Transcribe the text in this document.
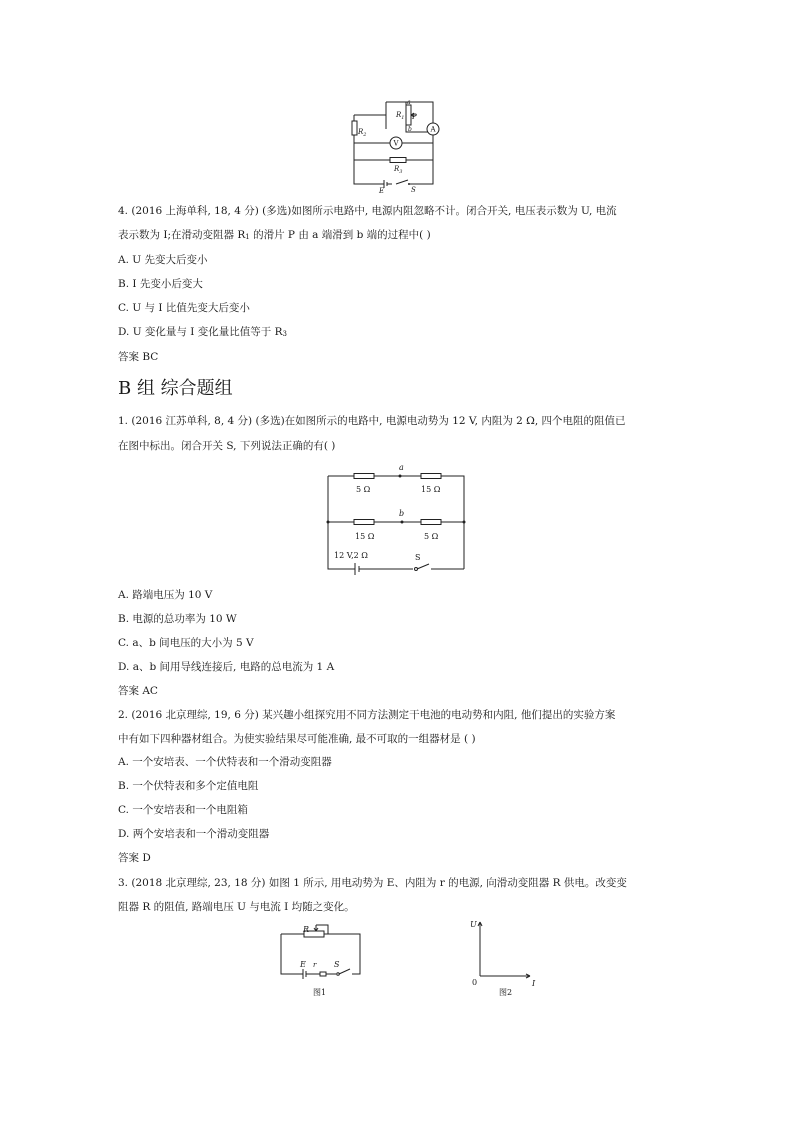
a
b
P
$R_1$
$R_2$
A
V
$R_3$
E	S
4. (2016 上海单科, 18, 4 分) (多选)如图所示电路中, 电源内阻忽略不计。闭合开关, 电压表示数为 U, 电流
表示数为 I;在滑动变阻器 $R_1$ 的滑片 P 由 a 端滑到 b 端的过程中( )
A. U 先变大后变小
B. I 先变小后变大
C. U 与 I 比值先变大后变小
D. U 变化量与 I 变化量比值等于 $R_3$
答案 BC
B 组 综合题组
1. (2016 江苏单科, 8, 4 分) (多选)在如图所示的电路中, 电源电动势为 12 V, 内阻为 2 Ω, 四个电阻的阻值已
在图中标出。闭合开关 S, 下列说法正确的有( )
a
b
5 Ω	15 Ω
15 Ω	5 Ω
12 V,2 Ω	S
A. 路端电压为 10 V
B. 电源的总功率为 10 W
C. a、b 间电压的大小为 5 V
D. a、b 间用导线连接后, 电路的总电流为 1 A
答案 AC
2. (2016 北京理综, 19, 6 分) 某兴趣小组探究用不同方法测定干电池的电动势和内阻, 他们提出的实验方案
中有如下四种器材组合。为使实验结果尽可能准确, 最不可取的一组器材是 ( )
A. 一个安培表、一个伏特表和一个滑动变阻器
B. 一个伏特表和多个定值电阻
C. 一个安培表和一个电阻箱
D. 两个安培表和一个滑动变阻器
答案 D
3. (2018 北京理综, 23, 18 分) 如图 1 所示, 用电动势为 E、内阻为 r 的电源, 向滑动变阻器 R 供电。改变变
阻器 R 的阻值, 路端电压 U 与电流 I 均随之变化。
R
E r S
图1
U
I
0
图2
